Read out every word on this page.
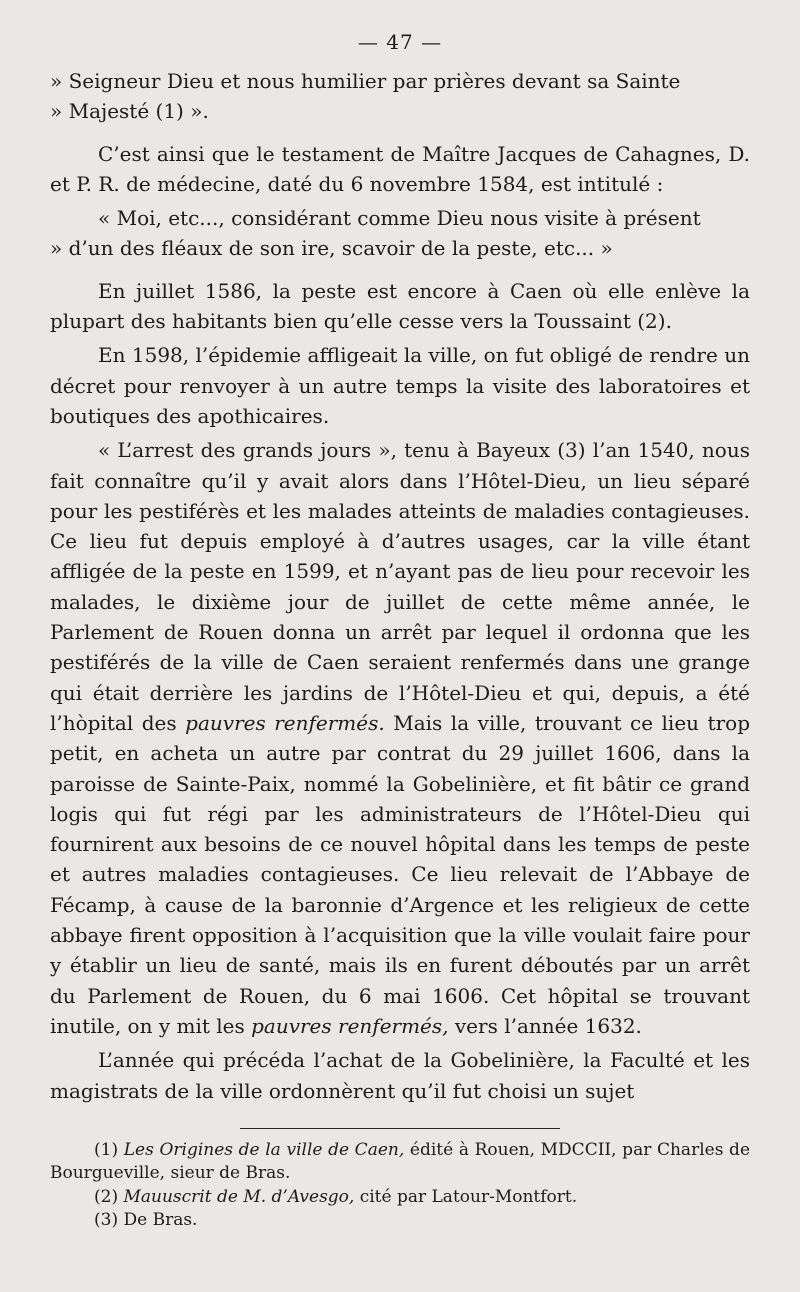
— 47 —

» Seigneur Dieu et nous humilier par prières devant sa Sainte

» Majesté (1) ».

C’est ainsi que le testament de Maître Jacques de Cahagnes, D. et P. R. de médecine, daté du 6 novembre 1584, est intitulé :

« Moi, etc..., considérant comme Dieu nous visite à présent

» d’un des fléaux de son ire, scavoir de la peste, etc... »

En juillet 1586, la peste est encore à Caen où elle enlève la plupart des habitants bien qu’elle cesse vers la Toussaint (2).

En 1598, l’épidemie affligeait la ville, on fut obligé de rendre un décret pour renvoyer à un autre temps la visite des laboratoires et boutiques des apothicaires.

« L’arrest des grands jours », tenu à Bayeux (3) l’an 1540, nous fait connaître qu’il y avait alors dans l’Hôtel-Dieu, un lieu séparé pour les pestiférès et les malades atteints de maladies contagieuses. Ce lieu fut depuis employé à d’autres usages, car la ville étant affligée de la peste en 1599, et n’ayant pas de lieu pour recevoir les malades, le dixième jour de juillet de cette même année, le Parlement de Rouen donna un arrêt par lequel il ordonna que les pestiférés de la ville de Caen seraient renfermés dans une grange qui était derrière les jardins de l’Hôtel-Dieu et qui, depuis, a été l’hòpital des pauvres renfermés. Mais la ville, trouvant ce lieu trop petit, en acheta un autre par contrat du 29 juillet 1606, dans la paroisse de Sainte-Paix, nommé la Gobelinière, et fit bâtir ce grand logis qui fut régi par les administrateurs de l’Hôtel-Dieu qui fournirent aux besoins de ce nouvel hôpital dans les temps de peste et autres maladies contagieuses. Ce lieu relevait de l’Abbaye de Fécamp, à cause de la baronnie d’Argence et les religieux de cette abbaye firent opposition à l’acquisition que la ville voulait faire pour y établir un lieu de santé, mais ils en furent déboutés par un arrêt du Parlement de Rouen, du 6 mai 1606. Cet hôpital se trouvant inutile, on y mit les pauvres renfermés, vers l’année 1632.

L’année qui précéda l’achat de la Gobelinière, la Faculté et les magistrats de la ville ordonnèrent qu’il fut choisi un sujet

(1) Les Origines de la ville de Caen, édité à Rouen, MDCCII, par Charles de Bourgueville, sieur de Bras.

(2) Mauuscrit de M. d’Avesgo, cité par Latour-Montfort.

(3) De Bras.
